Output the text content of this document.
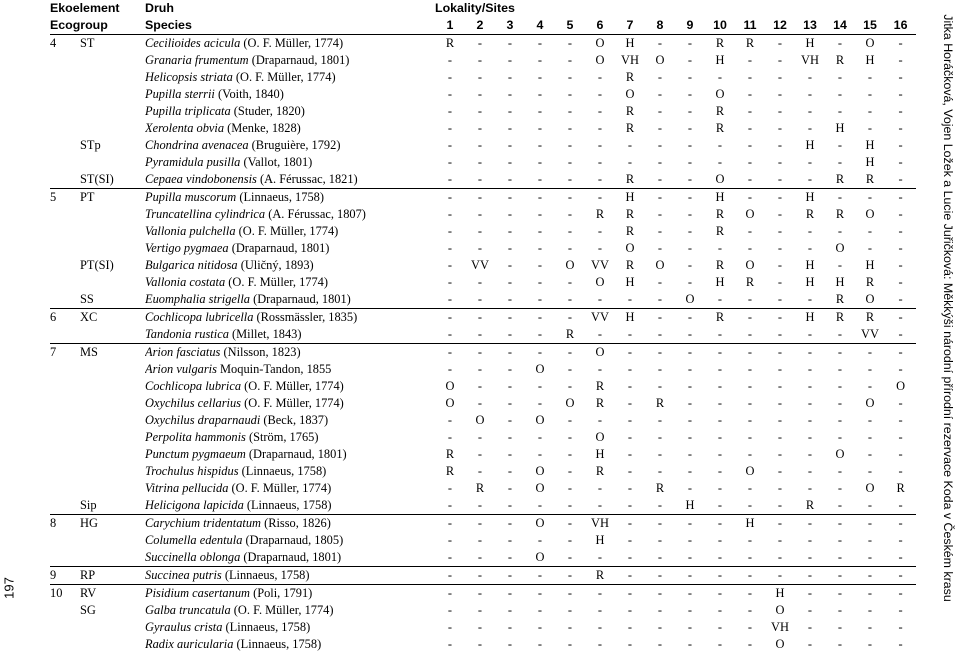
Ekoelement		Druh	Lokality/Sites															
Ecogroup		Species	1	2	3	4	5	6	7	8	9	10	11	12	13	14	15	16
4	ST	Cecilioides acicula (O. F. Müller, 1774)	R	-	-	-	-	O	H	-	-	R	R	-	H	-	O	-
		Granaria frumentum (Draparnaud, 1801)	-	-	-	-	-	O	VH	O	-	H	-	-	VH	R	H	-
		Helicopsis striata (O. F. Müller, 1774)	-	-	-	-	-	-	R	-	-	-	-	-	-	-	-	-
		Pupilla sterrii (Voith, 1840)	-	-	-	-	-	-	O	-	-	O	-	-	-	-	-	-
		Pupilla triplicata (Studer, 1820)	-	-	-	-	-	-	R	-	-	R	-	-	-	-	-	-
		Xerolenta obvia (Menke, 1828)	-	-	-	-	-	-	R	-	-	R	-	-	-	H	-	-
	STp	Chondrina avenacea (Bruguière, 1792)	-	-	-	-	-	-	-	-	-	-	-	-	H	-	H	-
		Pyramidula pusilla (Vallot, 1801)	-	-	-	-	-	-	-	-	-	-	-	-	-	-	H	-
	ST(SI)	Cepaea vindobonensis (A. Férussac, 1821)	-	-	-	-	-	-	R	-	-	O	-	-	-	R	R	-
5	PT	Pupilla muscorum (Linnaeus, 1758)	-	-	-	-	-	-	H	-	-	H	-	-	H	-	-	-
		Truncatellina cylindrica (A. Férussac, 1807)	-	-	-	-	-	R	R	-	-	R	O	-	R	R	O	-
		Vallonia pulchella (O. F. Müller, 1774)	-	-	-	-	-	-	R	-	-	R	-	-	-	-	-	-
		Vertigo pygmaea (Draparnaud, 1801)	-	-	-	-	-	-	O	-	-	-	-	-	-	O	-	-
	PT(SI)	Bulgarica nitidosa (Uličný, 1893)	-	VV	-	-	O	VV	R	O	-	R	O	-	H	-	H	-
		Vallonia costata (O. F. Müller, 1774)	-	-	-	-	-	O	H	-	-	H	R	-	H	H	R	-
	SS	Euomphalia strigella (Draparnaud, 1801)	-	-	-	-	-	-	-	-	O	-	-	-	-	R	O	-
6	XC	Cochlicopa lubricella (Rossmässler, 1835)	-	-	-	-	-	VV	H	-	-	R	-	-	H	R	R	-
		Tandonia rustica (Millet, 1843)	-	-	-	-	R	-	-	-	-	-	-	-	-	-	VV	-
7	MS	Arion fasciatus (Nilsson, 1823)	-	-	-	-	-	O	-	-	-	-	-	-	-	-	-	-
		Arion vulgaris Moquin-Tandon, 1855	-	-	-	O	-	-	-	-	-	-	-	-	-	-	-	-
		Cochlicopa lubrica (O. F. Müller, 1774)	O	-	-	-	-	R	-	-	-	-	-	-	-	-	-	O
		Oxychilus cellarius (O. F. Müller, 1774)	O	-	-	-	O	R	-	R	-	-	-	-	-	-	O	-
		Oxychilus draparnaudi (Beck, 1837)	-	O	-	O	-	-	-	-	-	-	-	-	-	-	-	-
		Perpolita hammonis (Ström, 1765)	-	-	-	-	-	O	-	-	-	-	-	-	-	-	-	-
		Punctum pygmaeum (Draparnaud, 1801)	R	-	-	-	-	H	-	-	-	-	-	-	-	O	-	-
		Trochulus hispidus (Linnaeus, 1758)	R	-	-	O	-	R	-	-	-	-	O	-	-	-	-	-
		Vitrina pellucida (O. F. Müller, 1774)	-	R	-	O	-	-	-	R	-	-	-	-	-	-	O	R
	Sip	Helicigona lapicida (Linnaeus, 1758)	-	-	-	-	-	-	-	-	H	-	-	-	R	-	-	-
8	HG	Carychium tridentatum (Risso, 1826)	-	-	-	O	-	VH	-	-	-	-	H	-	-	-	-	-
		Columella edentula (Draparnaud, 1805)	-	-	-	-	-	H	-	-	-	-	-	-	-	-	-	-
		Succinella oblonga (Draparnaud, 1801)	-	-	-	O	-	-	-	-	-	-	-	-	-	-	-	-
9	RP	Succinea putris (Linnaeus, 1758)	-	-	-	-	-	R	-	-	-	-	-	-	-	-	-	-
10	RV	Pisidium casertanum (Poli, 1791)	-	-	-	-	-	-	-	-	-	-	-	H	-	-	-	-
	SG	Galba truncatula (O. F. Müller, 1774)	-	-	-	-	-	-	-	-	-	-	-	O	-	-	-	-
		Gyraulus crista (Linnaeus, 1758)	-	-	-	-	-	-	-	-	-	-	-	VH	-	-	-	-
		Radix auricularia (Linnaeus, 1758)	-	-	-	-	-	-	-	-	-	-	-	O	-	-	-	-
Jitka Horáčková, Vojen Ložek a Lucie Juřičková: Měkkýši národní přírodní rezervace Koda v Českém krasu
197
